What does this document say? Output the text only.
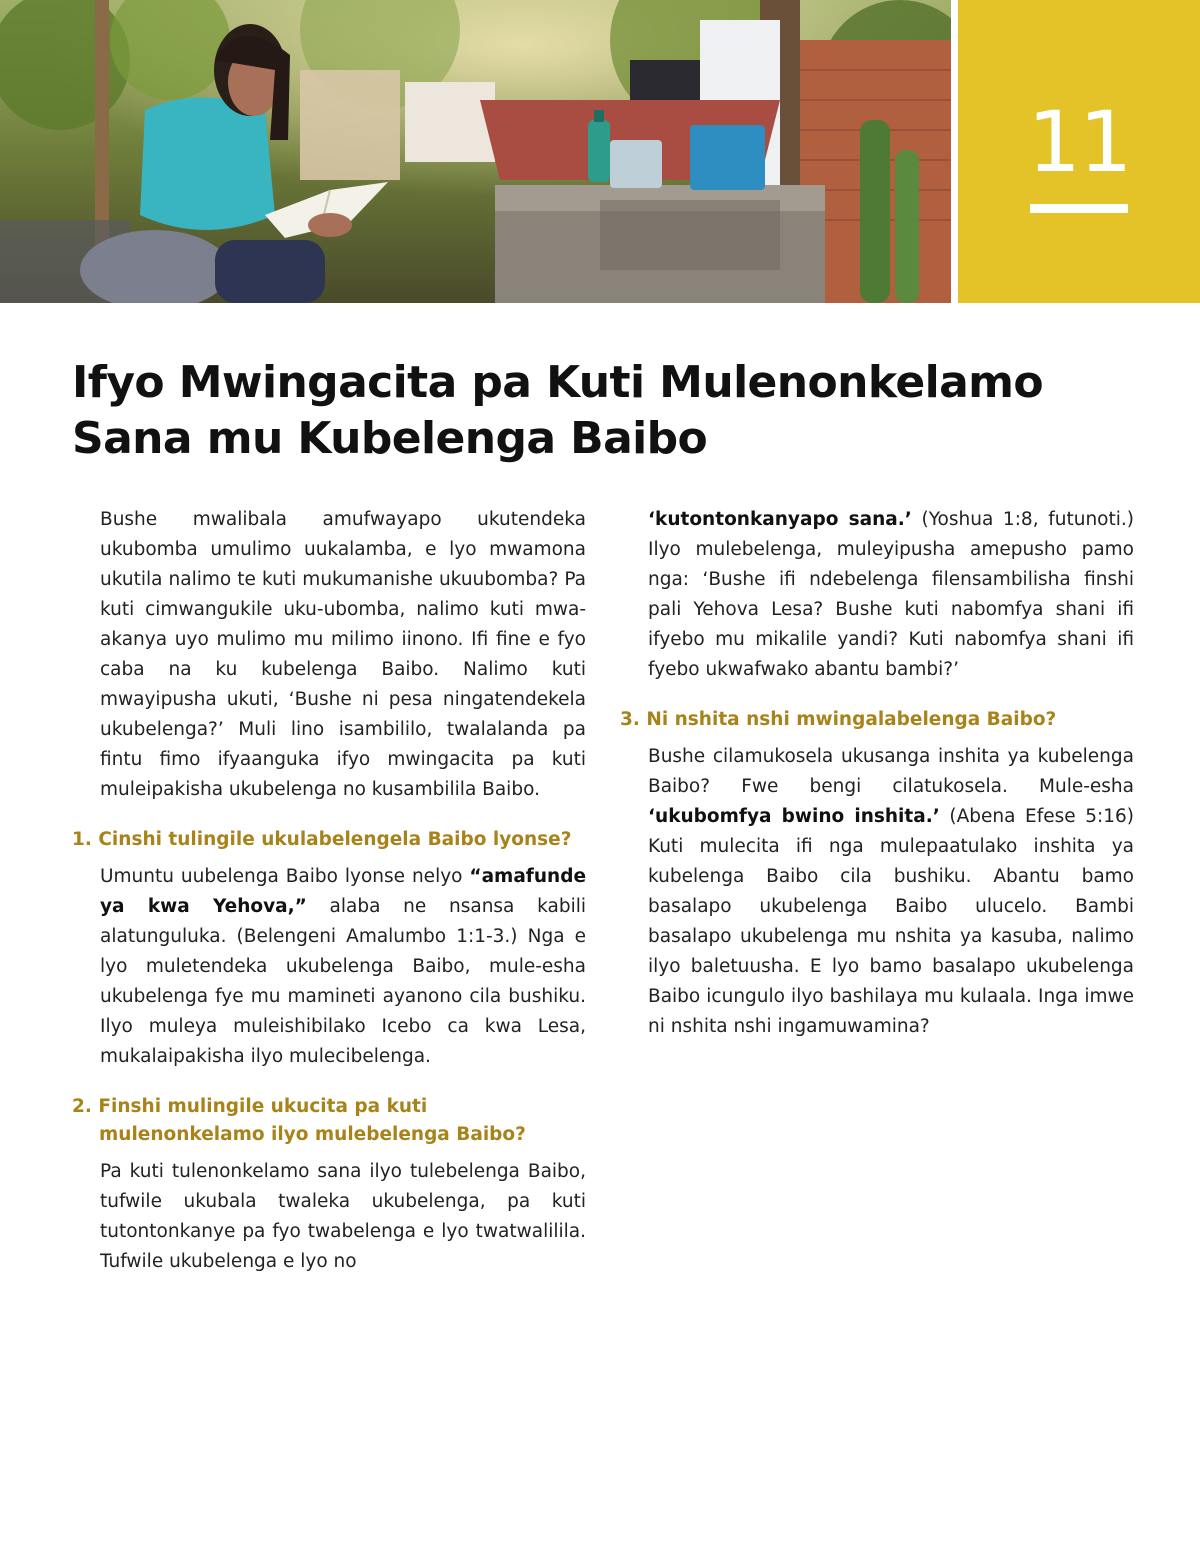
11
Ifyo Mwingacita pa Kuti Mulenonkelamo
Sana mu Kubelenga Baibo

Bushe mwalibala amufwayapo ukutendeka ukubomba umulimo uukalamba, e lyo mwamona ukutila nalimo te kuti mukumanishe ukuubomba? Pa kuti cimwangukile uku-ubomba, nalimo kuti mwa-akanya uyo mulimo mu milimo iinono. Ifi fine e fyo caba na ku kubelenga Baibo. Nalimo kuti mwayipusha ukuti, ‘Bushe ni pesa ningatendekela ukubelenga?’ Muli lino isambililo, twalalanda pa fintu fimo ifyaanguka ifyo mwingacita pa kuti muleipakisha ukubelenga no kusambilila Baibo.

1. Cinshi tulingile ukulabelengela Baibo lyonse?

Umuntu uubelenga Baibo lyonse nelyo “amafunde ya kwa Yehova,” alaba ne nsansa kabili alatunguluka. (Belengeni Amalumbo 1:1-3.) Nga e lyo muletendeka ukubelenga Baibo, mule-esha ukubelenga fye mu mamineti ayanono cila bushiku. Ilyo muleya muleishibilako Icebo ca kwa Lesa, mukalaipakisha ilyo mulecibelenga.

2. Finshi mulingile ukucita pa kuti mulenonkelamo ilyo mulebelenga Baibo?

Pa kuti tulenonkelamo sana ilyo tulebelenga Baibo, tufwile ukubala twaleka ukubelenga, pa kuti tutontonkanye pa fyo twabelenga e lyo twatwalilila. Tufwile ukubelenga e lyo no

‘kutontonkanyapo sana.’ (Yoshua 1:8, futunoti.) Ilyo mulebelenga, muleyipusha amepusho pamo nga: ‘Bushe ifi ndebelenga filensambilisha finshi pali Yehova Lesa? Bushe kuti nabomfya shani ifi ifyebo mu mikalile yandi? Kuti nabomfya shani ifi fyebo ukwafwako abantu bambi?’

3. Ni nshita nshi mwingalabelenga Baibo?

Bushe cilamukosela ukusanga inshita ya kubelenga Baibo? Fwe bengi cilatukosela. Mule-esha ‘ukubomfya bwino inshita.’ (Abena Efese 5:16) Kuti mulecita ifi nga mulepaatulako inshita ya kubelenga Baibo cila bushiku. Abantu bamo basalapo ukubelenga Baibo ulucelo. Bambi basalapo ukubelenga mu nshita ya kasuba, nalimo ilyo baletuusha. E lyo bamo basalapo ukubelenga Baibo icungulo ilyo bashilaya mu kulaala. Inga imwe ni nshita nshi ingamuwamina?
